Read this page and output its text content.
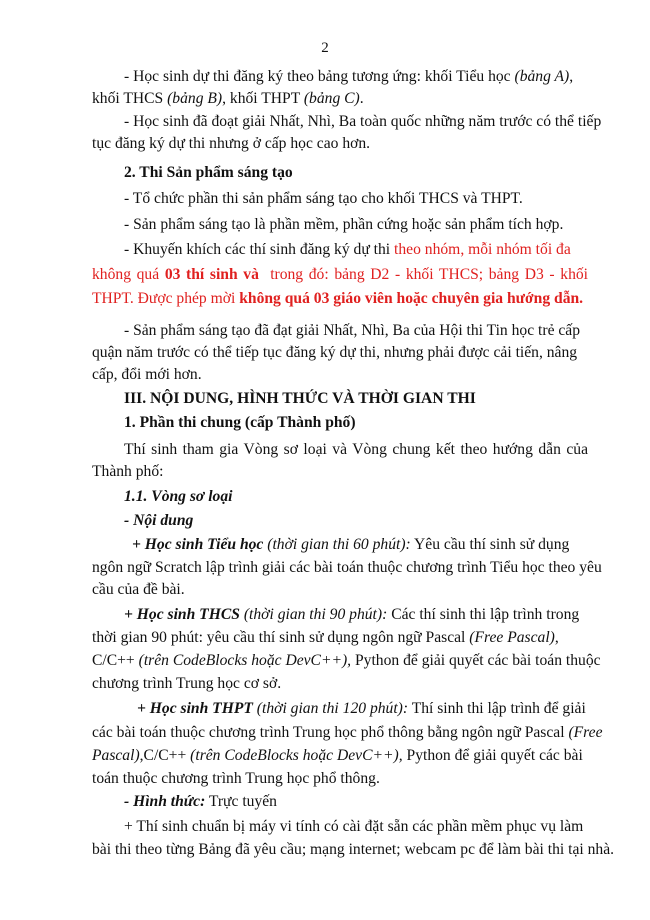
2
- Học sinh dự thi đăng ký theo bảng tương ứng: khối Tiểu học (bảng A),
khối THCS (bảng B), khối THPT (bảng C).
- Học sinh đã đoạt giải Nhất, Nhì, Ba toàn quốc những năm trước có thể tiếp
tục đăng ký dự thi nhưng ở cấp học cao hơn.
2. Thi Sản phẩm sáng tạo
- Tổ chức phần thi sản phẩm sáng tạo cho khối THCS và THPT.
- Sản phẩm sáng tạo là phần mềm, phần cứng hoặc sản phẩm tích hợp.
- Khuyến khích các thí sinh đăng ký dự thi theo nhóm, mỗi nhóm tối đa
không quá 03 thí sinh và trong đó: bảng D2 - khối THCS; bảng D3 - khối
THPT. Được phép mời không quá 03 giáo viên hoặc chuyên gia hướng dẫn.
- Sản phẩm sáng tạo đã đạt giải Nhất, Nhì, Ba của Hội thi Tin học trẻ cấp
quận năm trước có thể tiếp tục đăng ký dự thi, nhưng phải được cải tiến, nâng
cấp, đổi mới hơn.
III. NỘI DUNG, HÌNH THỨC VÀ THỜI GIAN THI
1. Phần thi chung (cấp Thành phố)
Thí sinh tham gia Vòng sơ loại và Vòng chung kết theo hướng dẫn của
Thành phố:
1.1. Vòng sơ loại
- Nội dung
+ Học sinh Tiểu học (thời gian thi 60 phút): Yêu cầu thí sinh sử dụng
ngôn ngữ Scratch lập trình giải các bài toán thuộc chương trình Tiểu học theo yêu
cầu của đề bài.
+ Học sinh THCS (thời gian thi 90 phút): Các thí sinh thi lập trình trong
thời gian 90 phút: yêu cầu thí sinh sử dụng ngôn ngữ Pascal (Free Pascal),
C/C++ (trên CodeBlocks hoặc DevC++), Python để giải quyết các bài toán thuộc
chương trình Trung học cơ sở.
+ Học sinh THPT (thời gian thi 120 phút): Thí sinh thi lập trình để giải
các bài toán thuộc chương trình Trung học phổ thông bằng ngôn ngữ Pascal (Free
Pascal),C/C++ (trên CodeBlocks hoặc DevC++), Python để giải quyết các bài
toán thuộc chương trình Trung học phổ thông.
- Hình thức: Trực tuyến
+ Thí sinh chuẩn bị máy vi tính có cài đặt sẵn các phần mềm phục vụ làm
bài thi theo từng Bảng đã yêu cầu; mạng internet; webcam pc để làm bài thi tại nhà.
